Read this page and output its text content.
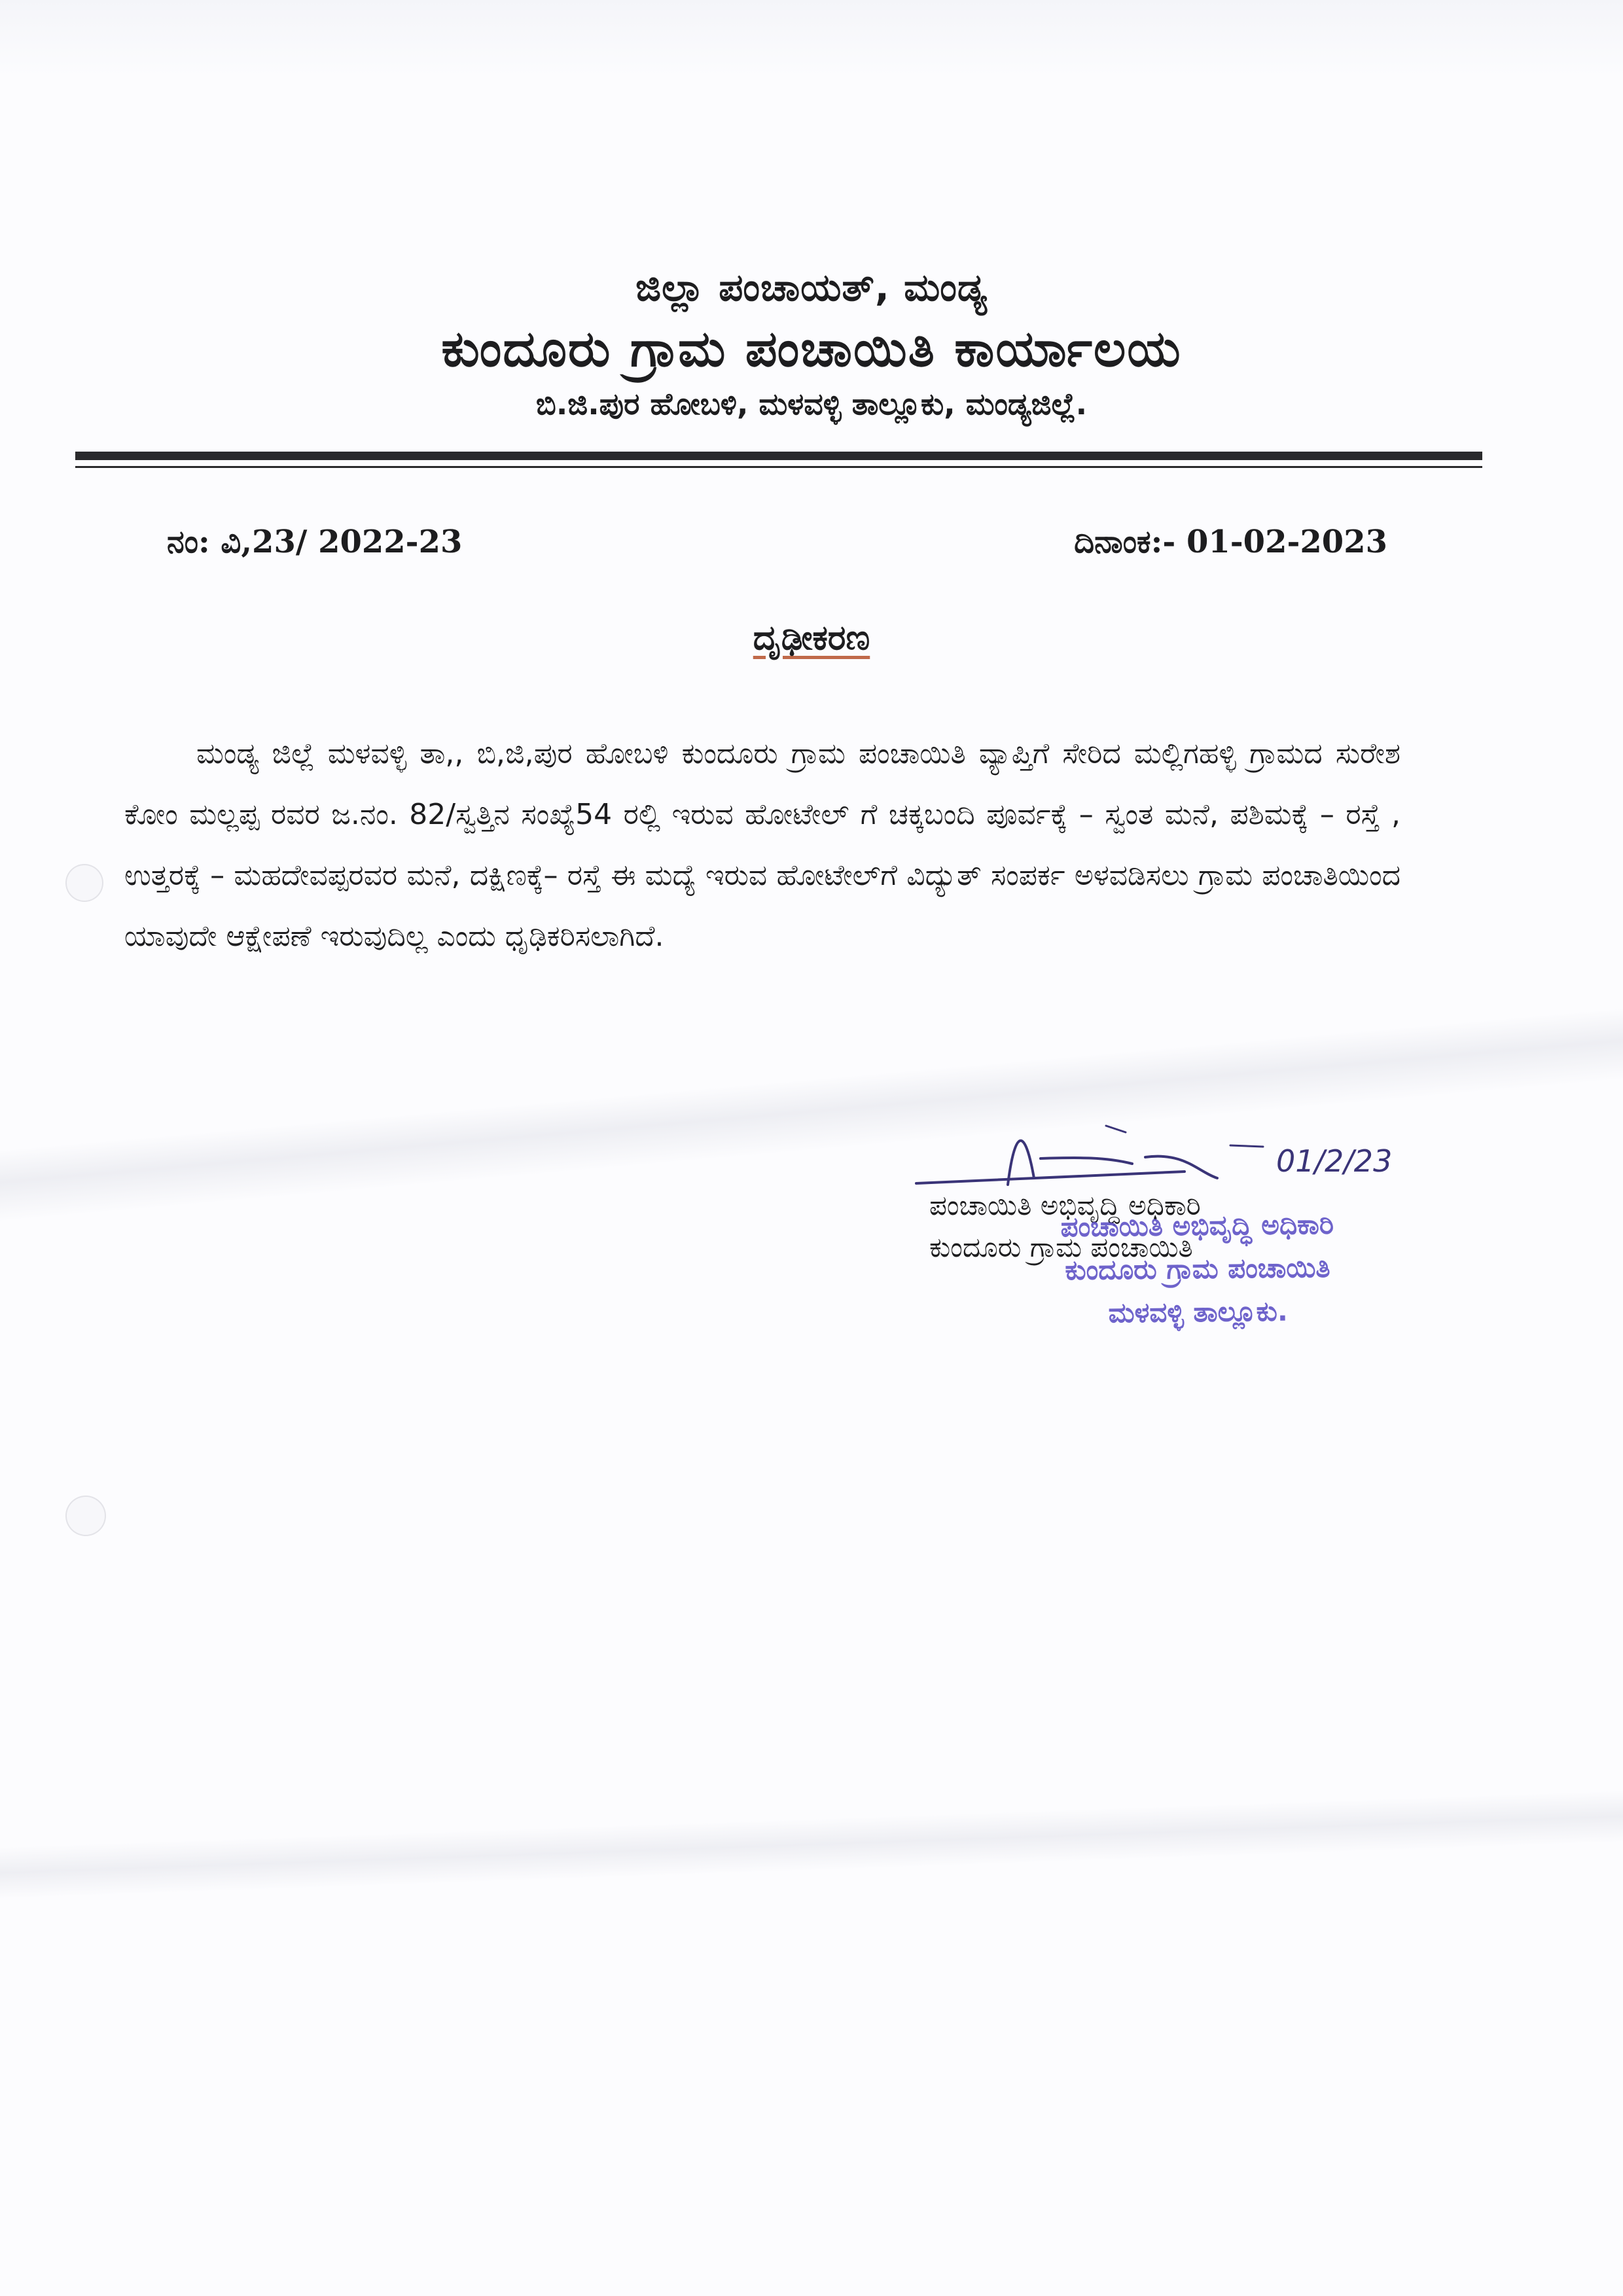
ಜಿಲ್ಲಾ ಪಂಚಾಯತ್, ಮಂಡ್ಯ
ಕುಂದೂರು ಗ್ರಾಮ ಪಂಚಾಯಿತಿ ಕಾರ್ಯಾಲಯ
ಬಿ.ಜಿ.ಪುರ ಹೋಬಳಿ, ಮಳವಳ್ಳಿ ತಾಲ್ಲೂಕು, ಮಂಡ್ಯಜಿಲ್ಲೆ.
ನಂ: ವಿ,23/ 2022-23	ದಿನಾಂಕ:- 01-02-2023
ದೃಢೀಕರಣ
ಮಂಡ್ಯ ಜಿಲ್ಲೆ ಮಳವಳ್ಳಿ ತಾ,, ಬಿ,ಜಿ,ಪುರ ಹೋಬಳಿ ಕುಂದೂರು ಗ್ರಾಮ ಪಂಚಾಯಿತಿ ವ್ಯಾಪ್ತಿಗೆ ಸೇರಿದ ಮಲ್ಲಿಗಹಳ್ಳಿ ಗ್ರಾಮದ ಸುರೇಶ ಕೋಂ ಮಲ್ಲಪ್ಪ ರವರ ಜ.ನಂ. 82/ಸ್ವತ್ತಿನ ಸಂಖ್ಯೆ54 ರಲ್ಲಿ ಇರುವ ಹೋಟೇಲ್ ಗೆ ಚಕ್ಕಬಂದಿ ಪೂರ್ವಕ್ಕೆ – ಸ್ವಂತ ಮನೆ, ಪಶಿಮಕ್ಕೆ – ರಸ್ತೆ , ಉತ್ತರಕ್ಕೆ – ಮಹದೇವಪ್ಪರವರ ಮನೆ, ದಕ್ಷಿಣಕ್ಕೆ– ರಸ್ತೆ ಈ ಮದ್ಯೆ ಇರುವ ಹೋಟೇಲ್‌ಗೆ ವಿದ್ಯುತ್ ಸಂಪರ್ಕ ಅಳವಡಿಸಲು ಗ್ರಾಮ ಪಂಚಾತಿಯಿಂದ ಯಾವುದೇ ಆಕ್ಷೇಪಣೆ ಇರುವುದಿಲ್ಲ ಎಂದು ಧೃಢಿಕರಿಸಲಾಗಿದೆ.
ಪಂಚಾಯಿತಿ ಅಭಿವೃದ್ಧಿ ಅಧಿಕಾರಿ
ಕುಂದೂರು ಗ್ರಾಮ ಪಂಚಾಯಿತಿ
ಪಂಚಾಯಿತಿ ಅಭಿವೃದ್ಧಿ ಅಧಿಕಾರಿ
ಕುಂದೂರು ಗ್ರಾಮ ಪಂಚಾಯಿತಿ
ಮಳವಳ್ಳಿ ತಾಲ್ಲೂಕು.
01/2/23
